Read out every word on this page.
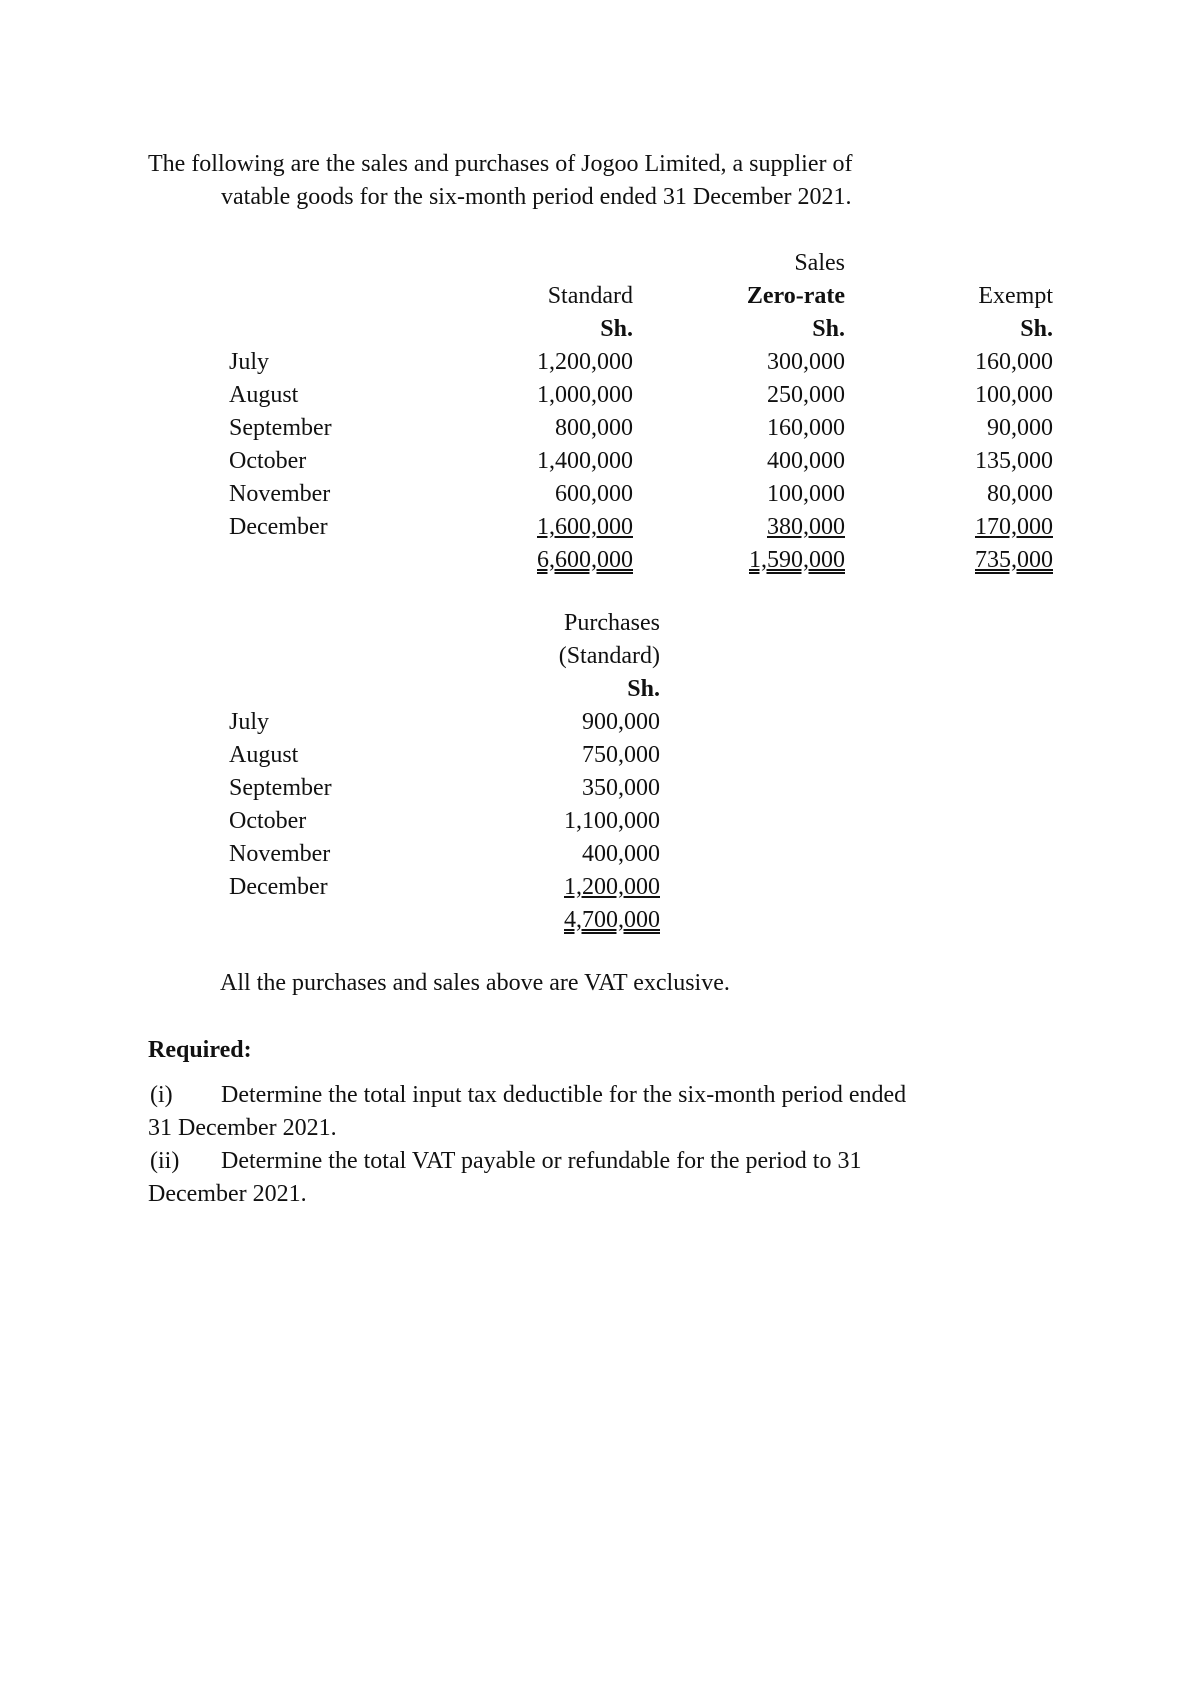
The following are the sales and purchases of Jogoo Limited, a supplier of
vatable goods for the six-month period ended 31 December 2021.
Sales
Standard	Zero-rate	Exempt
Sh.	Sh.	Sh.
July	1,200,000	300,000	160,000
August	1,000,000	250,000	100,000
September	800,000	160,000	90,000
October	1,400,000	400,000	135,000
November	600,000	100,000	80,000
December	1,600,000	380,000	170,000
6,600,000	1,590,000	735,000
Purchases
(Standard)
Sh.
July	900,000
August	750,000
September	350,000
October	1,100,000
November	400,000
December	1,200,000
4,700,000
All the purchases and sales above are VAT exclusive.
Required:
(i) Determine the total input tax deductible for the six-month period ended
31 December 2021.
(ii) Determine the total VAT payable or refundable for the period to 31
December 2021.
